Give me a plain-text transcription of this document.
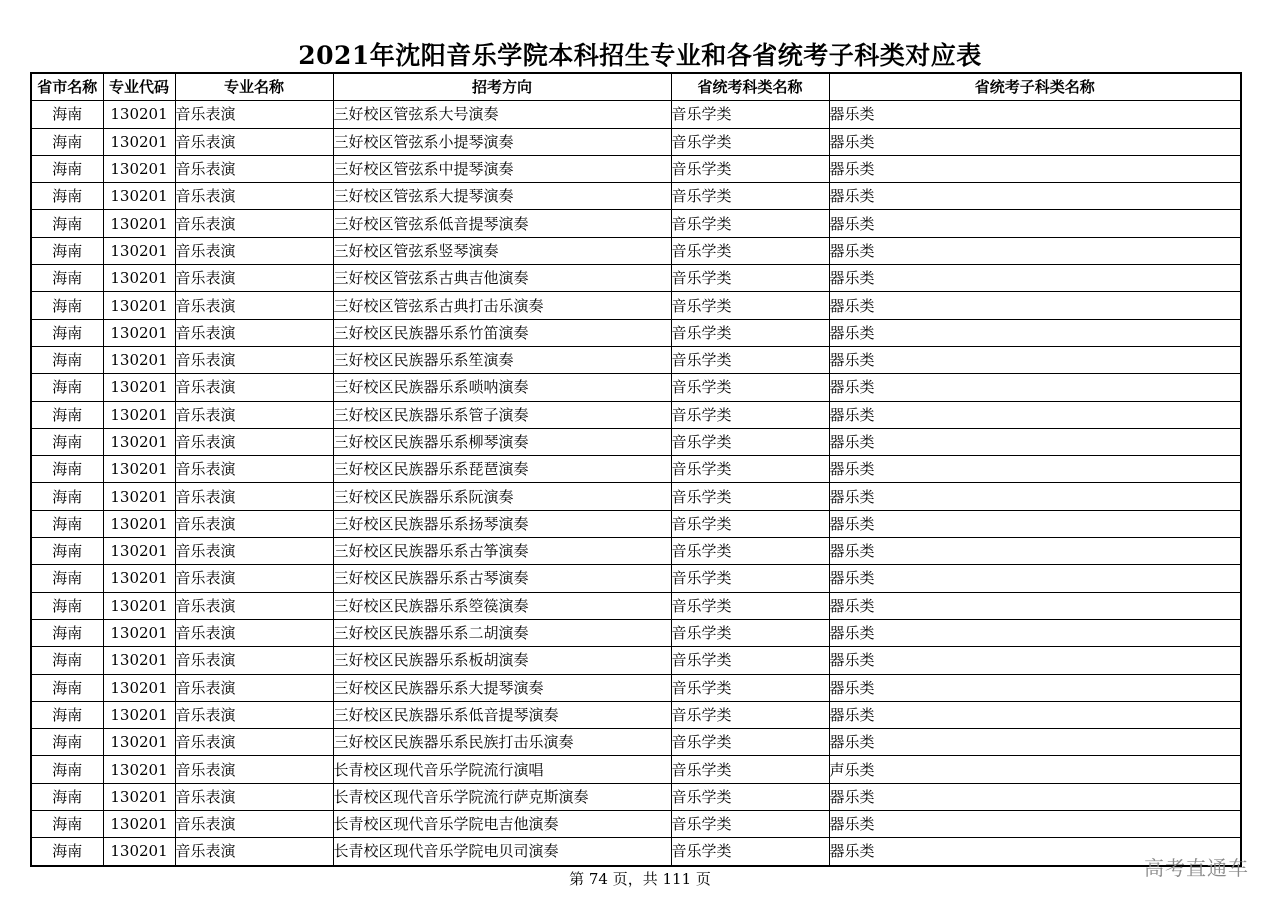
2021年沈阳音乐学院本科招生专业和各省统考子科类对应表
省市名称	专业代码	专业名称	招考方向	省统考科类名称	省统考子科类名称
海南	130201	音乐表演	三好校区管弦系大号演奏	音乐学类	器乐类
海南	130201	音乐表演	三好校区管弦系小提琴演奏	音乐学类	器乐类
海南	130201	音乐表演	三好校区管弦系中提琴演奏	音乐学类	器乐类
海南	130201	音乐表演	三好校区管弦系大提琴演奏	音乐学类	器乐类
海南	130201	音乐表演	三好校区管弦系低音提琴演奏	音乐学类	器乐类
海南	130201	音乐表演	三好校区管弦系竖琴演奏	音乐学类	器乐类
海南	130201	音乐表演	三好校区管弦系古典吉他演奏	音乐学类	器乐类
海南	130201	音乐表演	三好校区管弦系古典打击乐演奏	音乐学类	器乐类
海南	130201	音乐表演	三好校区民族器乐系竹笛演奏	音乐学类	器乐类
海南	130201	音乐表演	三好校区民族器乐系笙演奏	音乐学类	器乐类
海南	130201	音乐表演	三好校区民族器乐系唢呐演奏	音乐学类	器乐类
海南	130201	音乐表演	三好校区民族器乐系管子演奏	音乐学类	器乐类
海南	130201	音乐表演	三好校区民族器乐系柳琴演奏	音乐学类	器乐类
海南	130201	音乐表演	三好校区民族器乐系琵琶演奏	音乐学类	器乐类
海南	130201	音乐表演	三好校区民族器乐系阮演奏	音乐学类	器乐类
海南	130201	音乐表演	三好校区民族器乐系扬琴演奏	音乐学类	器乐类
海南	130201	音乐表演	三好校区民族器乐系古筝演奏	音乐学类	器乐类
海南	130201	音乐表演	三好校区民族器乐系古琴演奏	音乐学类	器乐类
海南	130201	音乐表演	三好校区民族器乐系箜篌演奏	音乐学类	器乐类
海南	130201	音乐表演	三好校区民族器乐系二胡演奏	音乐学类	器乐类
海南	130201	音乐表演	三好校区民族器乐系板胡演奏	音乐学类	器乐类
海南	130201	音乐表演	三好校区民族器乐系大提琴演奏	音乐学类	器乐类
海南	130201	音乐表演	三好校区民族器乐系低音提琴演奏	音乐学类	器乐类
海南	130201	音乐表演	三好校区民族器乐系民族打击乐演奏	音乐学类	器乐类
海南	130201	音乐表演	长青校区现代音乐学院流行演唱	音乐学类	声乐类
海南	130201	音乐表演	长青校区现代音乐学院流行萨克斯演奏	音乐学类	器乐类
海南	130201	音乐表演	长青校区现代音乐学院电吉他演奏	音乐学类	器乐类
海南	130201	音乐表演	长青校区现代音乐学院电贝司演奏	音乐学类	器乐类
第 74 页，共 111 页	高考直通车
